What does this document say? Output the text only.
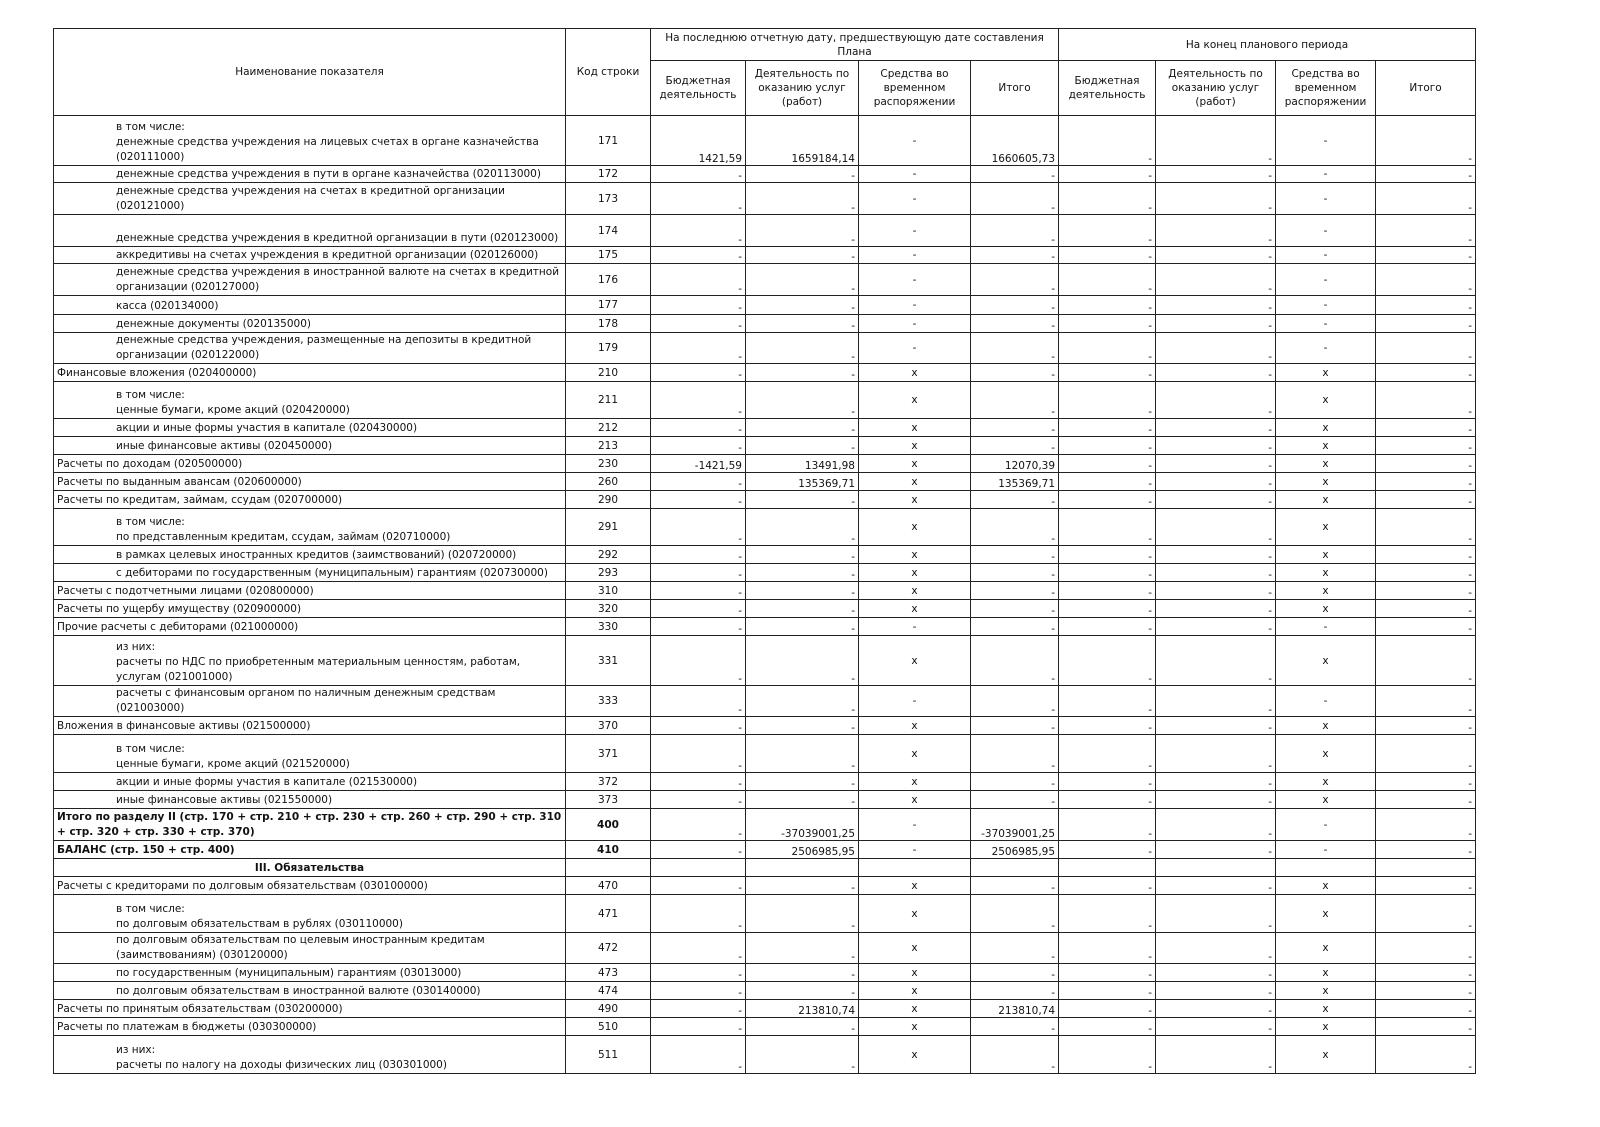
Наименование показателя	Код строки	На последнюю отчетную дату, предшествующую дате составления Плана				На конец планового периода			
		Бюджетная деятельность	Деятельность по оказанию услуг (работ)	Средства во временном распоряжении	Итого	Бюджетная деятельность	Деятельность по оказанию услуг (работ)	Средства во временном распоряжении	Итого

в том числе:
денежные средства учреждения на лицевых счетах в органе казначейства (020111000)	171	1421,59	1659184,14	-	1660605,73	-	-	-	-
денежные средства учреждения в пути в органе казначейства (020113000)	172	-	-	-	-	-	-	-	-
денежные средства учреждения на счетах в кредитной организации (020121000)	173	-	-	-	-	-	-	-	-
денежные средства учреждения в кредитной организации в пути (020123000)	174	-	-	-	-	-	-	-	-
аккредитивы на счетах учреждения в кредитной организации (020126000)	175	-	-	-	-	-	-	-	-
денежные средства учреждения в иностранной валюте на счетах в кредитной организации (020127000)	176	-	-	-	-	-	-	-	-
касса (020134000)	177	-	-	-	-	-	-	-	-
денежные документы (020135000)	178	-	-	-	-	-	-	-	-
денежные средства учреждения, размещенные на депозиты в кредитной организации (020122000)	179	-	-	-	-	-	-	-	-
Финансовые вложения (020400000)	210	-	-	x	-	-	-	x	-

в том числе:
ценные бумаги, кроме акций (020420000)	211	-	-	x	-	-	-	x	-
акции и иные формы участия в капитале (020430000)	212	-	-	x	-	-	-	x	-
иные финансовые активы (020450000)	213	-	-	x	-	-	-	x	-
Расчеты по доходам (020500000)	230	-1421,59	13491,98	x	12070,39	-	-	x	-
Расчеты по выданным авансам (020600000)	260	-	135369,71	x	135369,71	-	-	x	-
Расчеты по кредитам, займам, ссудам (020700000)	290	-	-	x	-	-	-	x	-

в том числе:
по представленным кредитам, ссудам, займам (020710000)	291	-	-	x	-	-	-	x	-
в рамках целевых иностранных кредитов (заимствований) (020720000)	292	-	-	x	-	-	-	x	-
с дебиторами по государственным (муниципальным) гарантиям (020730000)	293	-	-	x	-	-	-	x	-
Расчеты с подотчетными лицами (020800000)	310	-	-	x	-	-	-	x	-
Расчеты по ущербу имуществу (020900000)	320	-	-	x	-	-	-	x	-
Прочие расчеты с дебиторами (021000000)	330	-	-	-	-	-	-	-	-

из них:
расчеты по НДС по приобретенным материальным ценностям, работам, услугам (021001000)	331	-	-	x	-	-	-	x	-
расчеты с финансовым органом по наличным денежным средствам (021003000)	333	-	-	-	-	-	-	-	-
Вложения в финансовые активы (021500000)	370	-	-	x	-	-	-	x	-

в том числе:
ценные бумаги, кроме акций (021520000)	371	-	-	x	-	-	-	x	-
акции и иные формы участия в капитале (021530000)	372	-	-	x	-	-	-	x	-
иные финансовые активы (021550000)	373	-	-	x	-	-	-	x	-
Итого по разделу II (стр. 170 + стр. 210 + стр. 230 + стр. 260 + стр. 290 + стр. 310 + стр. 320 + стр. 330 + стр. 370)	400	-	-37039001,25	-	-37039001,25	-	-	-	-
БАЛАНС (стр. 150 + стр. 400)	410	-	2506985,95	-	2506985,95	-	-	-	-
III. Обязательства									
Расчеты с кредиторами по долговым обязательствам (030100000)	470	-	-	x	-	-	-	x	-

в том числе:
по долговым обязательствам в рублях (030110000)	471	-	-	x	-	-	-	x	-
по долговым обязательствам по целевым иностранным кредитам (заимствованиям) (030120000)	472	-	-	x	-	-	-	x	-
по государственным (муниципальным) гарантиям (03013000)	473	-	-	x	-	-	-	x	-
по долговым обязательствам в иностранной валюте (030140000)	474	-	-	x	-	-	-	x	-
Расчеты по принятым обязательствам (030200000)	490	-	213810,74	x	213810,74	-	-	x	-
Расчеты по платежам в бюджеты (030300000)	510	-	-	x	-	-	-	x	-

из них:
расчеты по налогу на доходы физических лиц (030301000)	511	-	-	x	-	-	-	x	-
